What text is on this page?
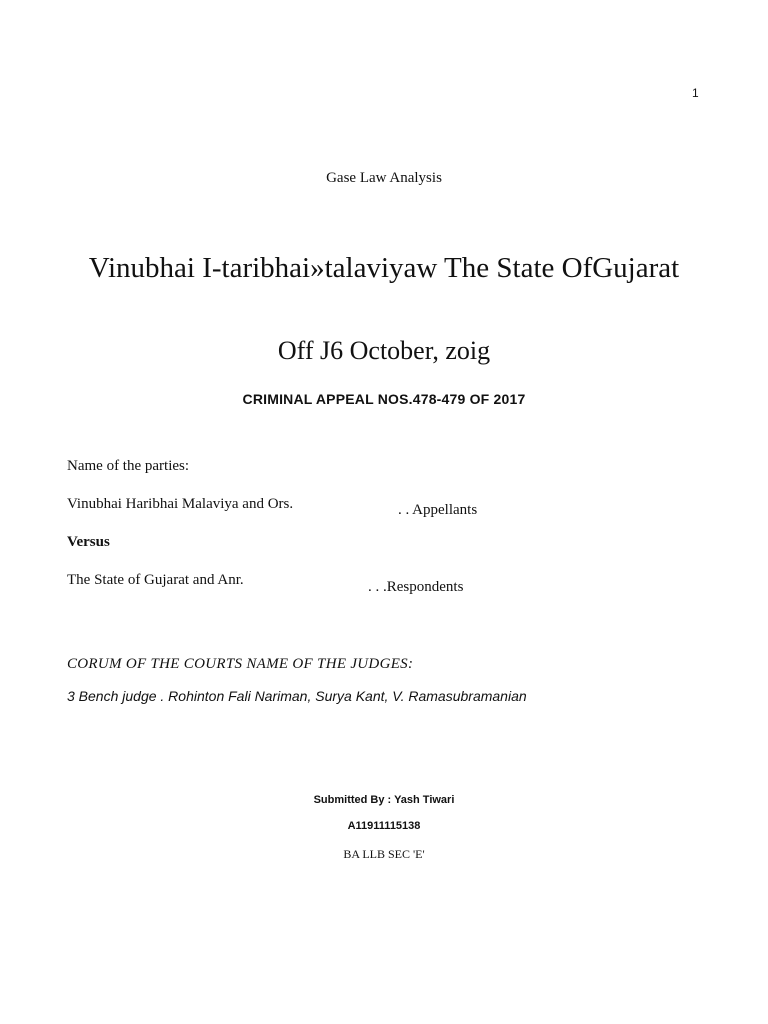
1
Gase Law Analysis
Vinubhai I-taribhai»talaviyaw The State OfGujarat
Off J6 October, zoig
CRIMINAL APPEAL NOS.478-479 OF 2017
Name of the parties:
Vinubhai Haribhai Malaviya and Ors.	. . Appellants
Versus
The State of Gujarat and Anr.	. . .Respondents
CORUM OF THE COURTS NAME OF THE JUDGES:
3 Bench judge . Rohinton Fali Nariman, Surya Kant, V. Ramasubramanian
Submitted By : Yash Tiwari
A11911115138
BA LLB SEC 'E'
